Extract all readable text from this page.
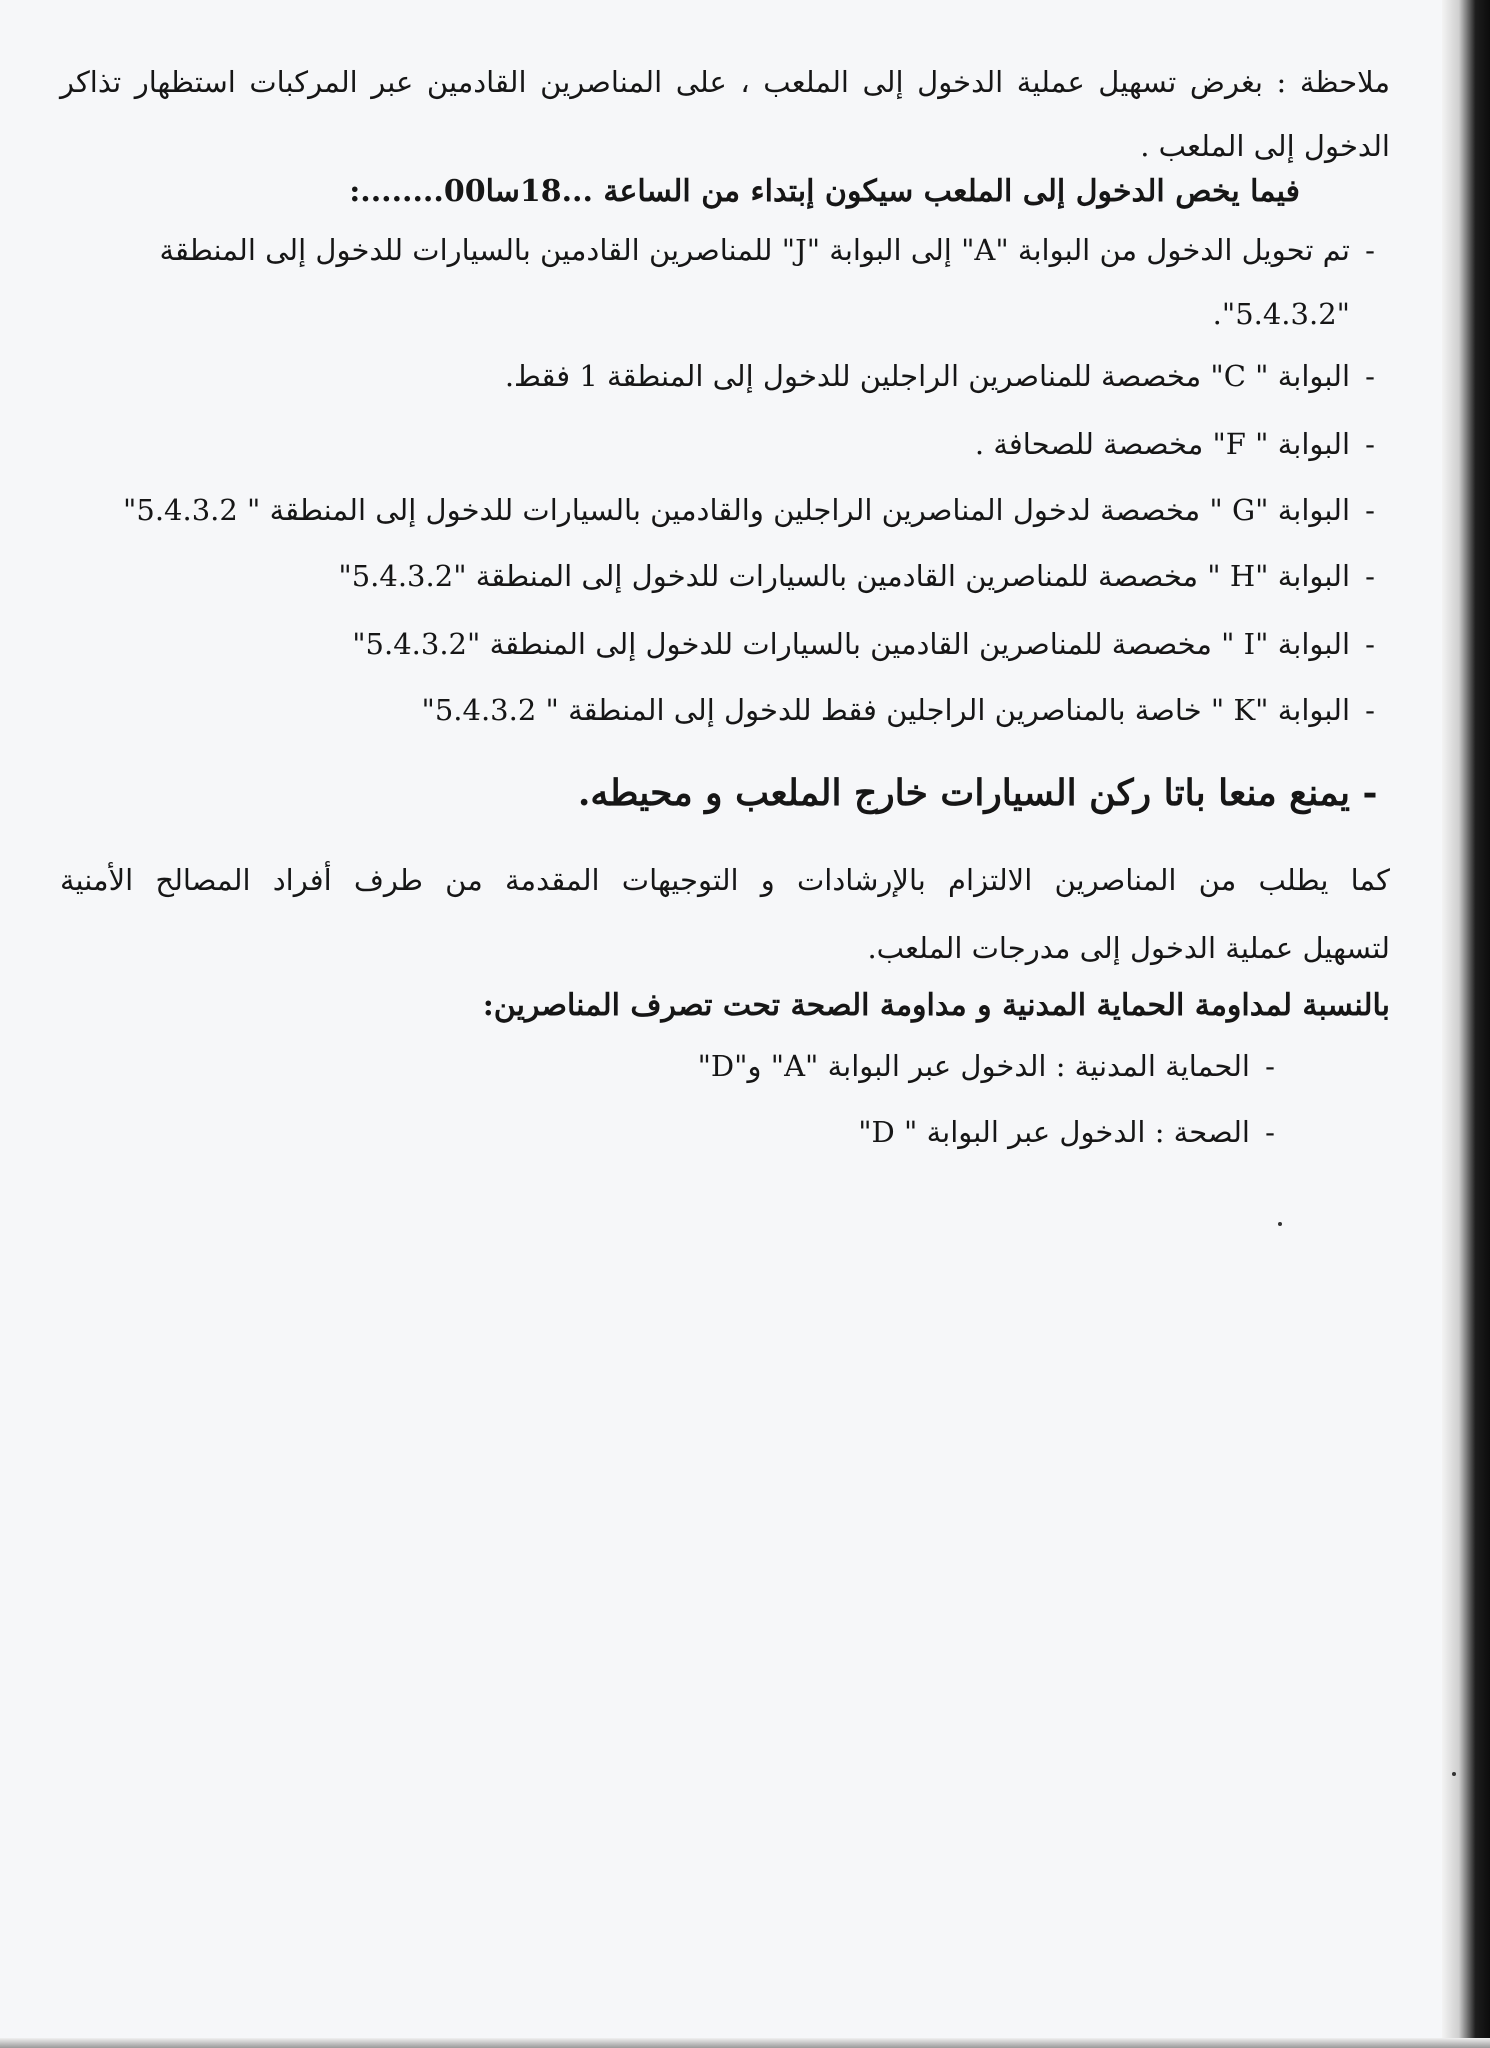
ملاحظة : بغرض تسهيل عملية الدخول إلى الملعب ، على المناصرين القادمين عبر المركبات استظهار تذاكر
الدخول إلى الملعب .
فيما يخص الدخول إلى الملعب سيكون إبتداء من الساعة ...18سا00........:
-تم تحويل الدخول من البوابة "A" إلى البوابة "J" للمناصرين القادمين بالسيارات للدخول إلى المنطقة
"5.4.3.2".
-البوابة " C" مخصصة للمناصرين الراجلين للدخول إلى المنطقة 1 فقط.
-البوابة " F" مخصصة للصحافة .
-البوابة "G " مخصصة لدخول المناصرين الراجلين والقادمين بالسيارات للدخول إلى المنطقة " 5.4.3.2"
-البوابة "H " مخصصة للمناصرين القادمين بالسيارات للدخول إلى المنطقة "5.4.3.2"
-البوابة "I " مخصصة للمناصرين القادمين بالسيارات للدخول إلى المنطقة "5.4.3.2"
-البوابة "K " خاصة بالمناصرين الراجلين فقط للدخول إلى المنطقة " 5.4.3.2"
-يمنع منعا باتا ركن السيارات خارج الملعب و محيطه.
كما يطلب من المناصرين الالتزام بالإرشادات و التوجيهات المقدمة من طرف أفراد المصالح الأمنية
لتسهيل عملية الدخول إلى مدرجات الملعب.
بالنسبة لمداومة الحماية المدنية و مداومة الصحة تحت تصرف المناصرين:
-الحماية المدنية : الدخول عبر البوابة "A" و"D"
-الصحة : الدخول عبر البوابة " D"
